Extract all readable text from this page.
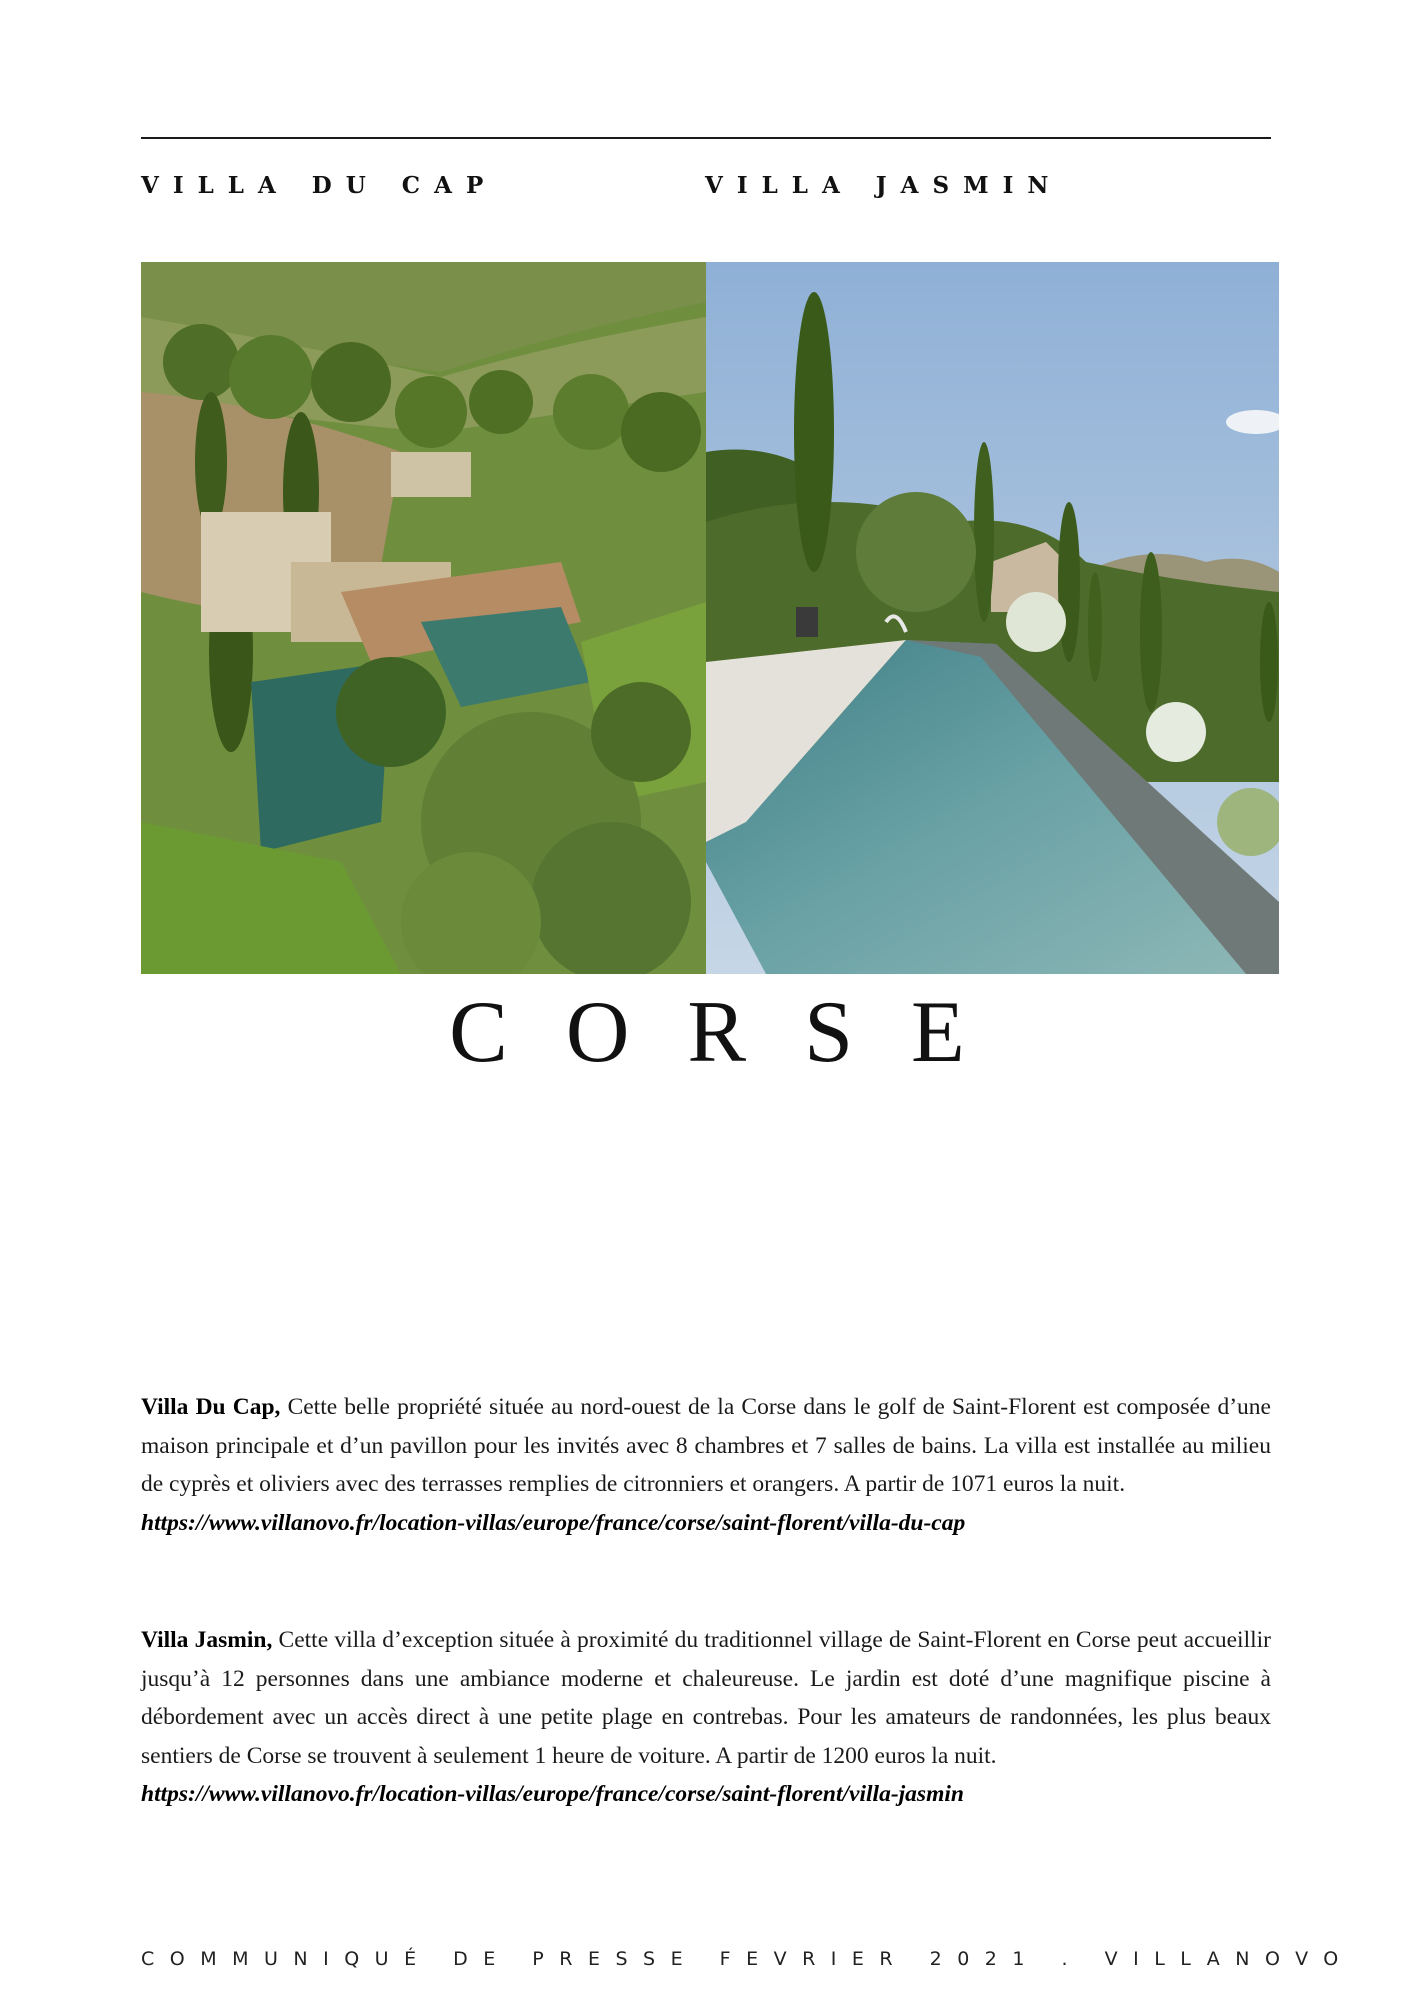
VILLA DU CAP	VILLA JASMIN
CORSE

Villa Du Cap, Cette belle propriété située au nord-ouest de la Corse dans le golf de Saint-Florent est composée d’une maison principale et d’un pavillon pour les invités avec 8 chambres et 7 salles de bains. La villa est installée au milieu de cyprès et oliviers avec des terrasses remplies de citronniers et orangers. A partir de 1071 euros la nuit.
https://www.villanovo.fr/location-villas/europe/france/corse/saint-florent/villa-du-cap

Villa Jasmin, Cette villa d’exception située à proximité du traditionnel village de Saint-Florent en Corse peut accueillir jusqu’à 12 personnes dans une ambiance moderne et chaleureuse. Le jardin est doté d’une magnifique piscine à débordement avec un accès direct à une petite plage en contrebas. Pour les amateurs de randonnées, les plus beaux sentiers de Corse se trouvent à seulement 1 heure de voiture. A partir de 1200 euros la nuit.
https://www.villanovo.fr/location-villas/europe/france/corse/saint-florent/villa-jasmin

COMMUNIQUÉ DE PRESSE FEVRIER 2021 . VILLANOVO
